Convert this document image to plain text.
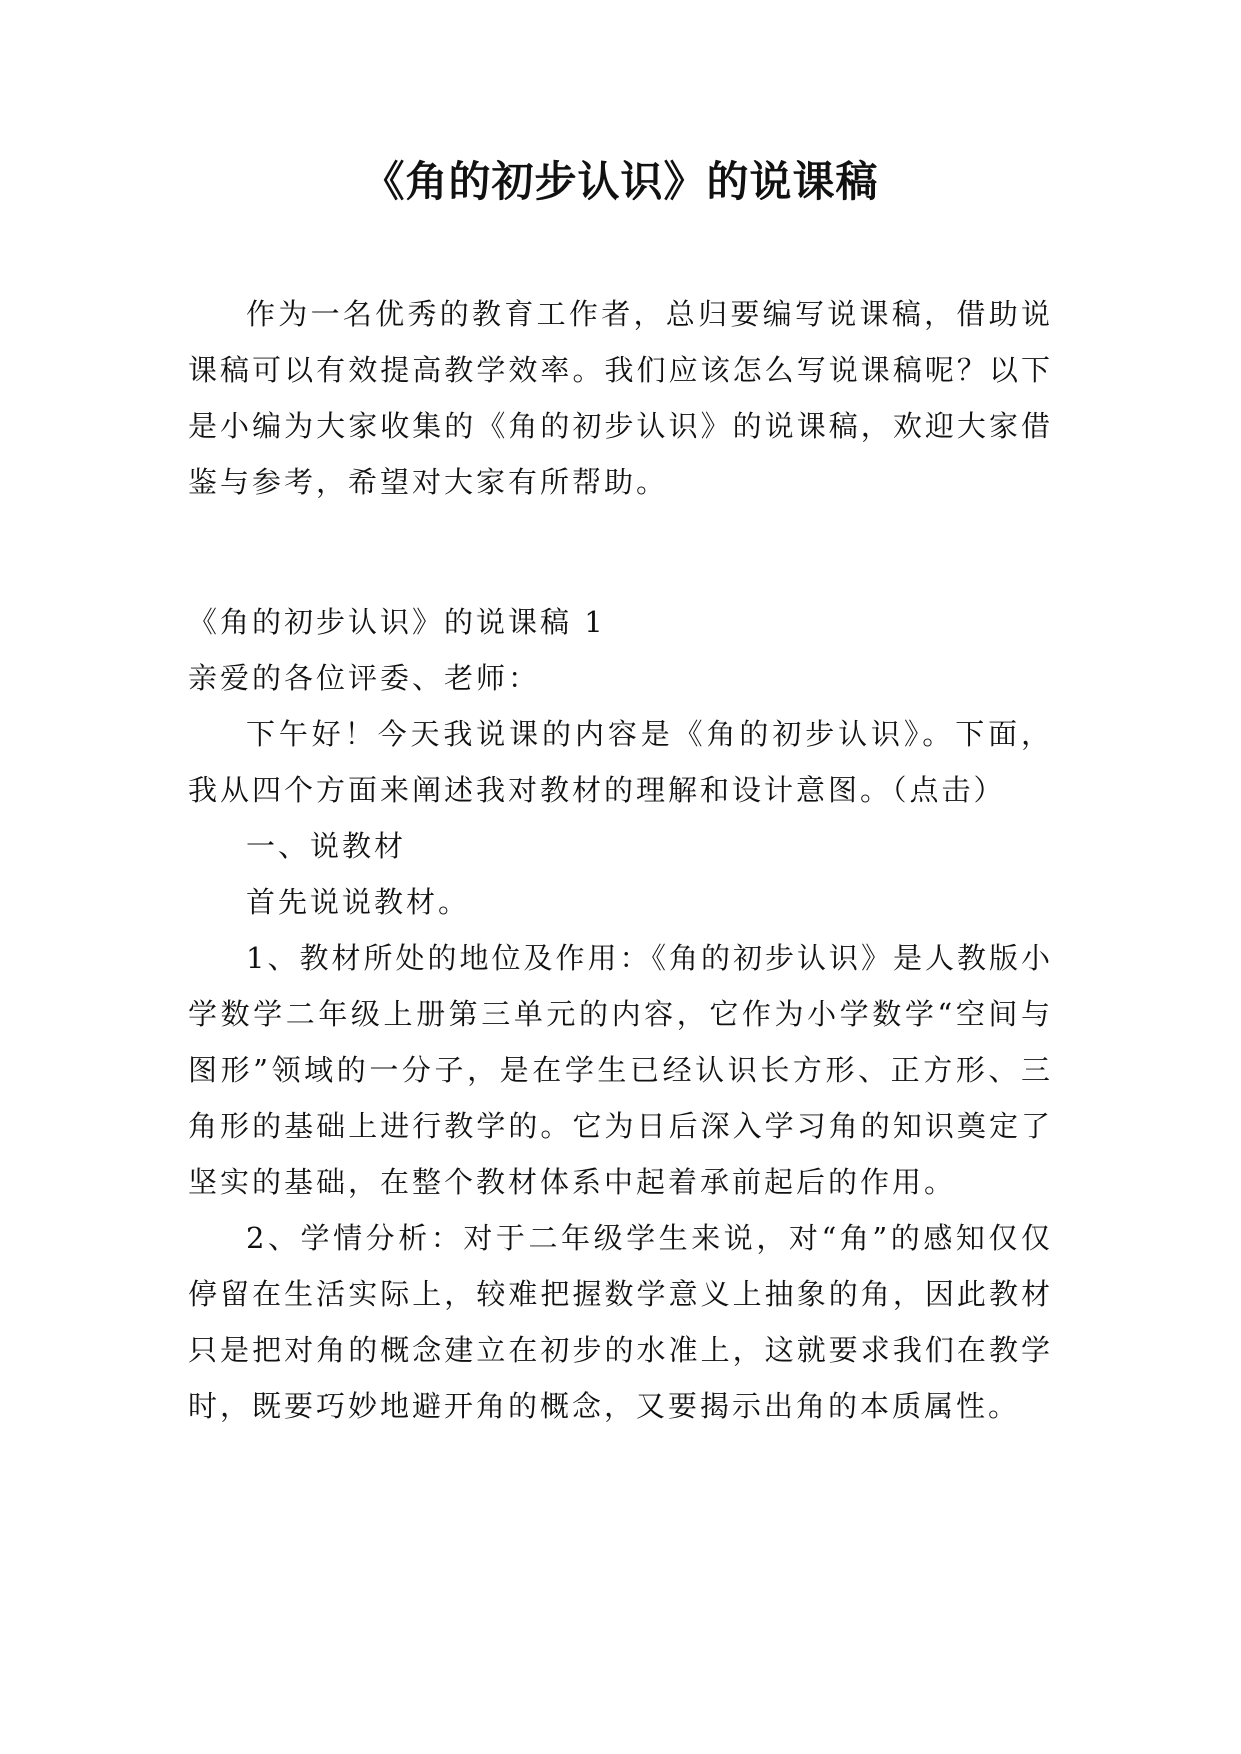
《角的初步认识》的说课稿

作为一名优秀的教育工作者，总归要编写说课稿，借助说课稿可以有效提高教学效率。我们应该怎么写说课稿呢？以下是小编为大家收集的《角的初步认识》的说课稿，欢迎大家借鉴与参考，希望对大家有所帮助。

《角的初步认识》的说课稿 1

亲爱的各位评委、老师：

下午好！今天我说课的内容是《角的初步认识》。下面，我从四个方面来阐述我对教材的理解和设计意图。（点击）

一、说教材

首先说说教材。

1、教材所处的地位及作用：《角的初步认识》是人教版小学数学二年级上册第三单元的内容，它作为小学数学“空间与图形”领域的一分子，是在学生已经认识长方形、正方形、三角形的基础上进行教学的。它为日后深入学习角的知识奠定了坚实的基础，在整个教材体系中起着承前起后的作用。

2、学情分析：对于二年级学生来说，对“角”的感知仅仅停留在生活实际上，较难把握数学意义上抽象的角，因此教材只是把对角的概念建立在初步的水准上，这就要求我们在教学时，既要巧妙地避开角的概念，又要揭示出角的本质属性。
